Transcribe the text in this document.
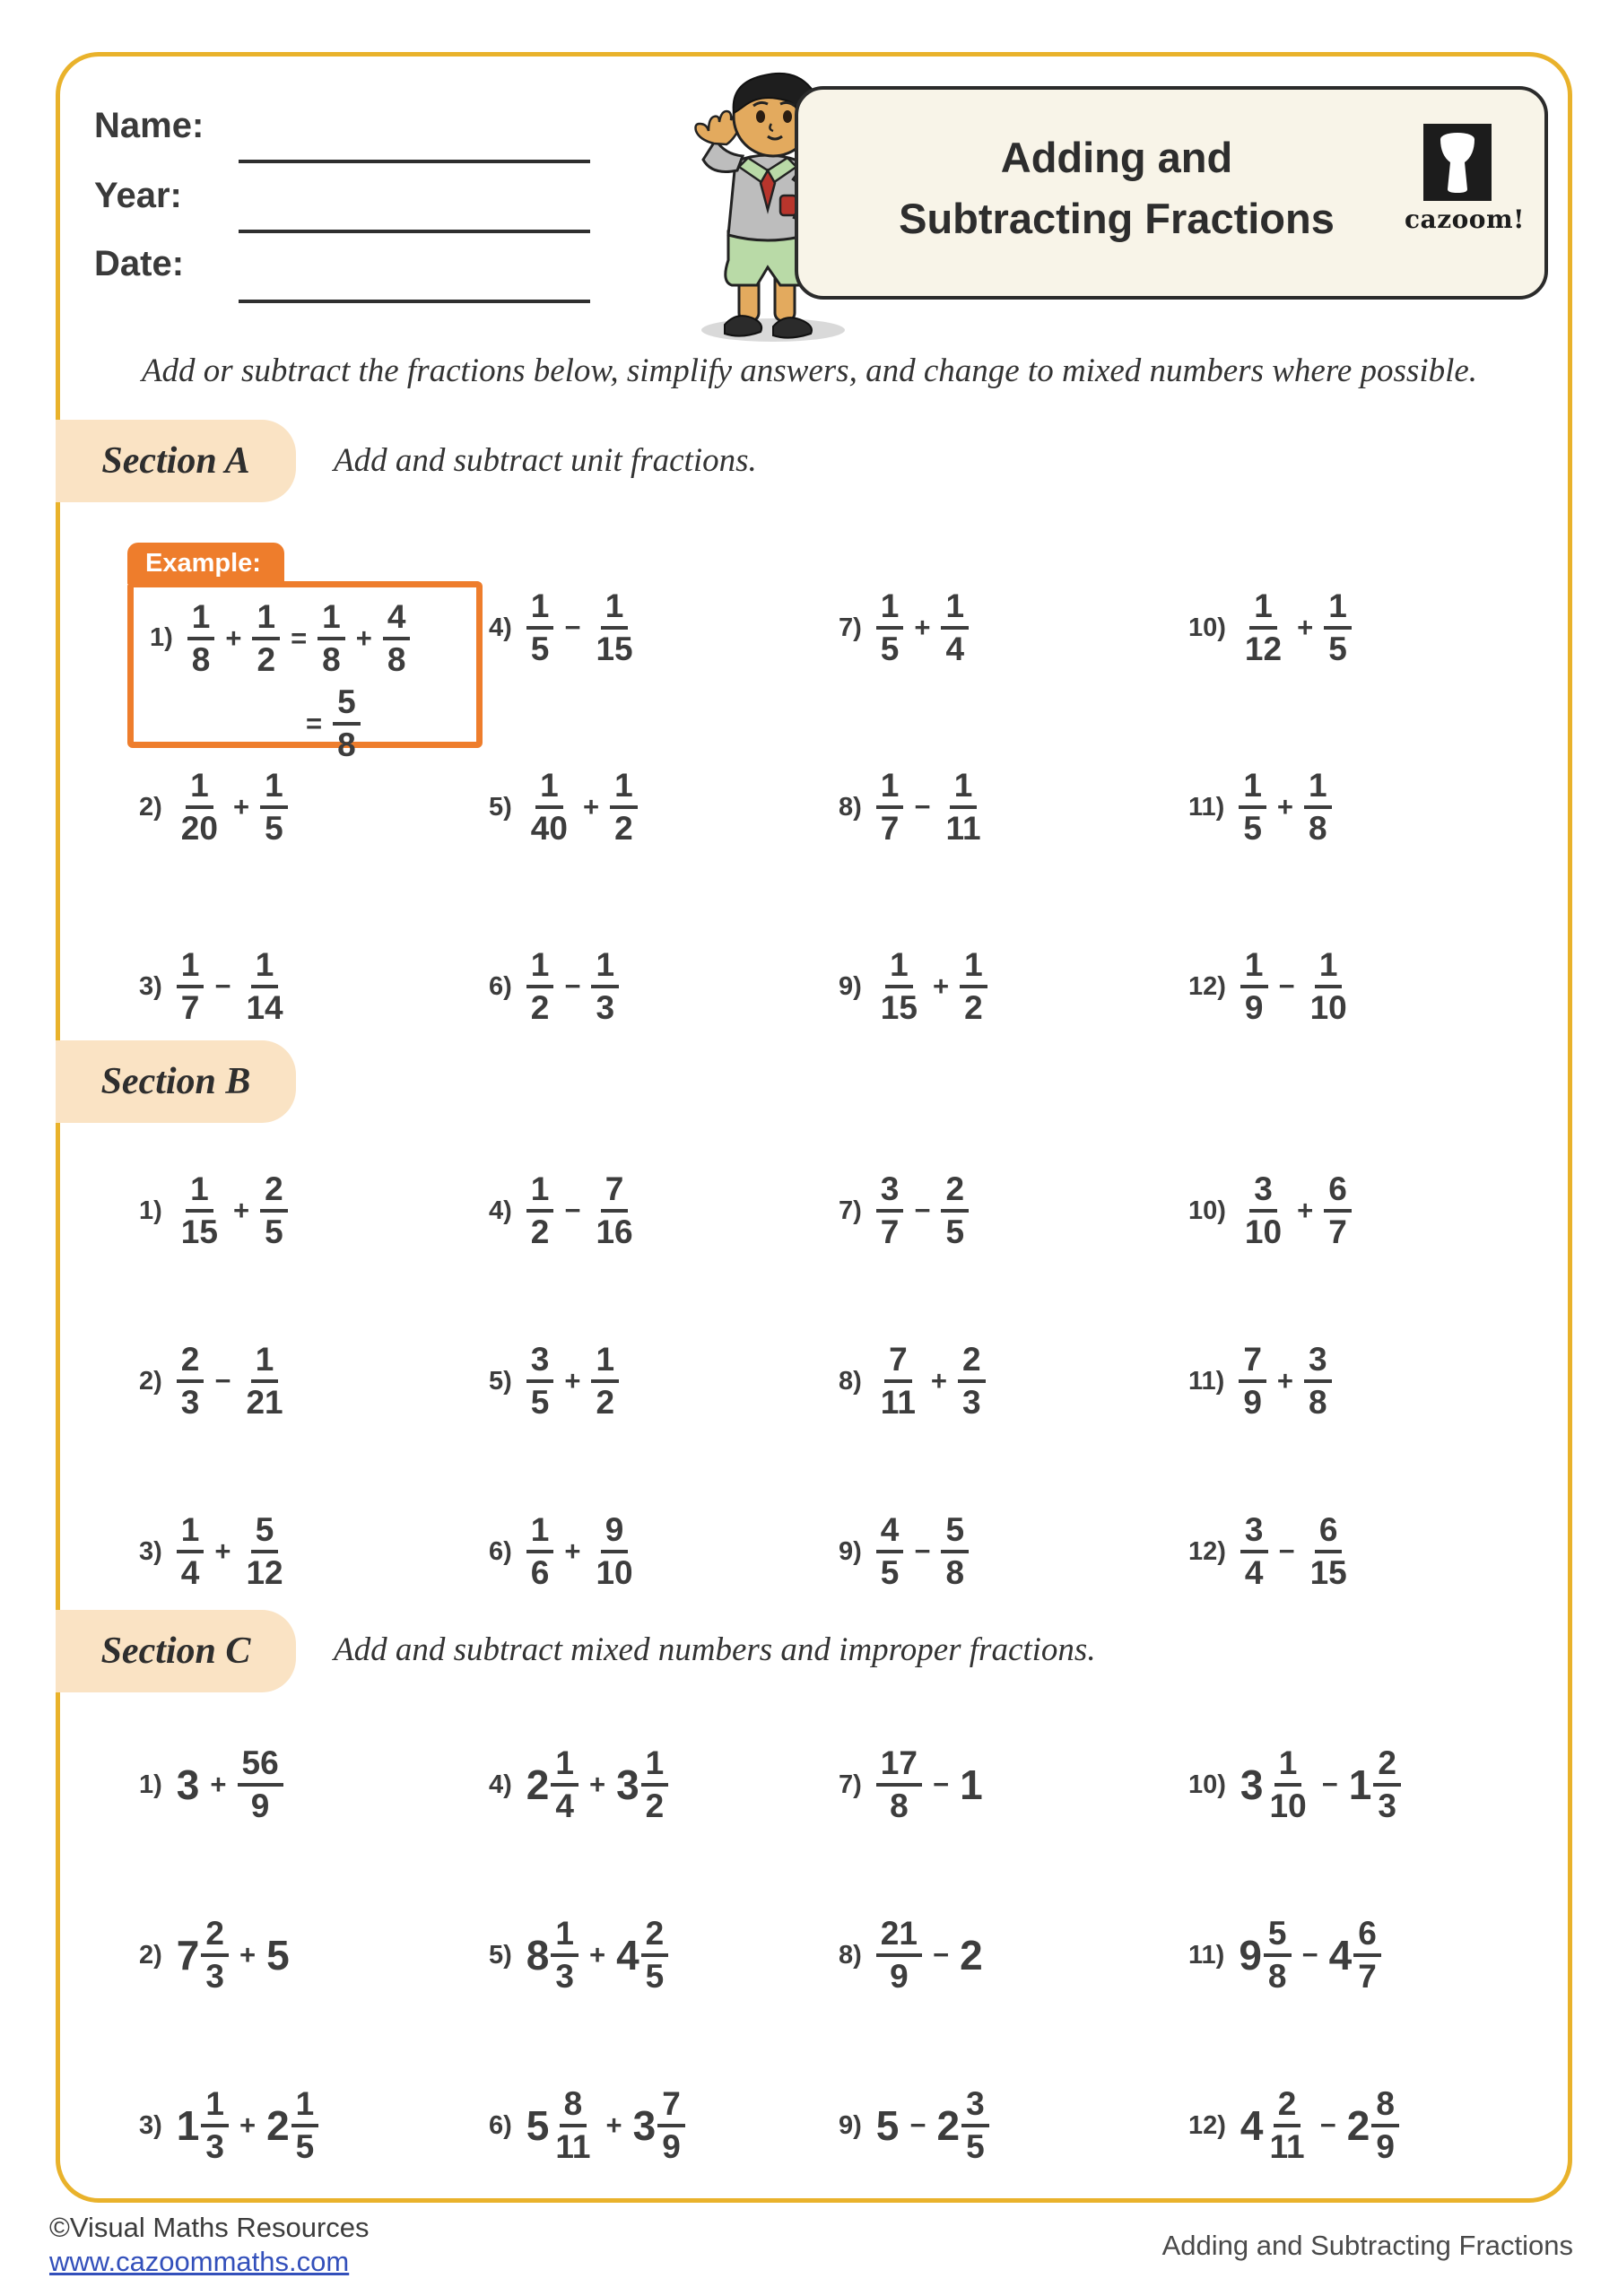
Name:
Year:
Date:
Adding and
Subtracting Fractions	cazoom!
Add or subtract the fractions below, simplify answers, and change to mixed numbers where possible.
Section A	Add and subtract unit fractions.
Example:
$1) \frac{1}{8} + \frac{1}{2} = \frac{1}{8} + \frac{4}{8}$
= $\frac{5}{8}$
$2) \frac{1}{20} + \frac{1}{5}$
$3) \frac{1}{7} - \frac{1}{14}$
$4) \frac{1}{5} - \frac{1}{15}$
$5) \frac{1}{40} + \frac{1}{2}$
$6) \frac{1}{2} - \frac{1}{3}$
$7) \frac{1}{5} + \frac{1}{4}$
$8) \frac{1}{7} - \frac{1}{11}$
$9) \frac{1}{15} + \frac{1}{2}$
$10) \frac{1}{12} + \frac{1}{5}$
$11) \frac{1}{5} + \frac{1}{8}$
$12) \frac{1}{9} - \frac{1}{10}$
Section B
$1) \frac{1}{15} + \frac{2}{5}$
$2) \frac{2}{3} - \frac{1}{21}$
$3) \frac{1}{4} + \frac{5}{12}$
$4) \frac{1}{2} - \frac{7}{16}$
$5) \frac{3}{5} + \frac{1}{2}$
$6) \frac{1}{6} + \frac{9}{10}$
$7) \frac{3}{7} - \frac{2}{5}$
$8) \frac{7}{11} + \frac{2}{3}$
$9) \frac{4}{5} - \frac{5}{8}$
$10) \frac{3}{10} + \frac{6}{7}$
$11) \frac{7}{9} + \frac{3}{8}$
$12) \frac{3}{4} - \frac{6}{15}$
Section C	Add and subtract mixed numbers and improper fractions.
1) $3 + \frac{56}{9}$
2) $7 \frac{2}{3} + 5$
3) $1 \frac{1}{3} + 2 \frac{1}{5}$
4) $2 \frac{1}{4} + 3 \frac{1}{2}$
5) $8 \frac{1}{3} + 4 \frac{2}{5}$
6) $5 \frac{8}{11} + 3 \frac{7}{9}$
$7) \frac{17}{8} - 1$
$8) \frac{21}{9} - 2$
9) $5 - 2 \frac{3}{5}$
10) $3 \frac{1}{10} - 1 \frac{2}{3}$
11) $9 \frac{5}{8} - 4 \frac{6}{7}$
12) $4 \frac{2}{11} - 2 \frac{8}{9}$
©Visual Maths Resources
www.cazoommaths.com
Adding and Subtracting Fractions
